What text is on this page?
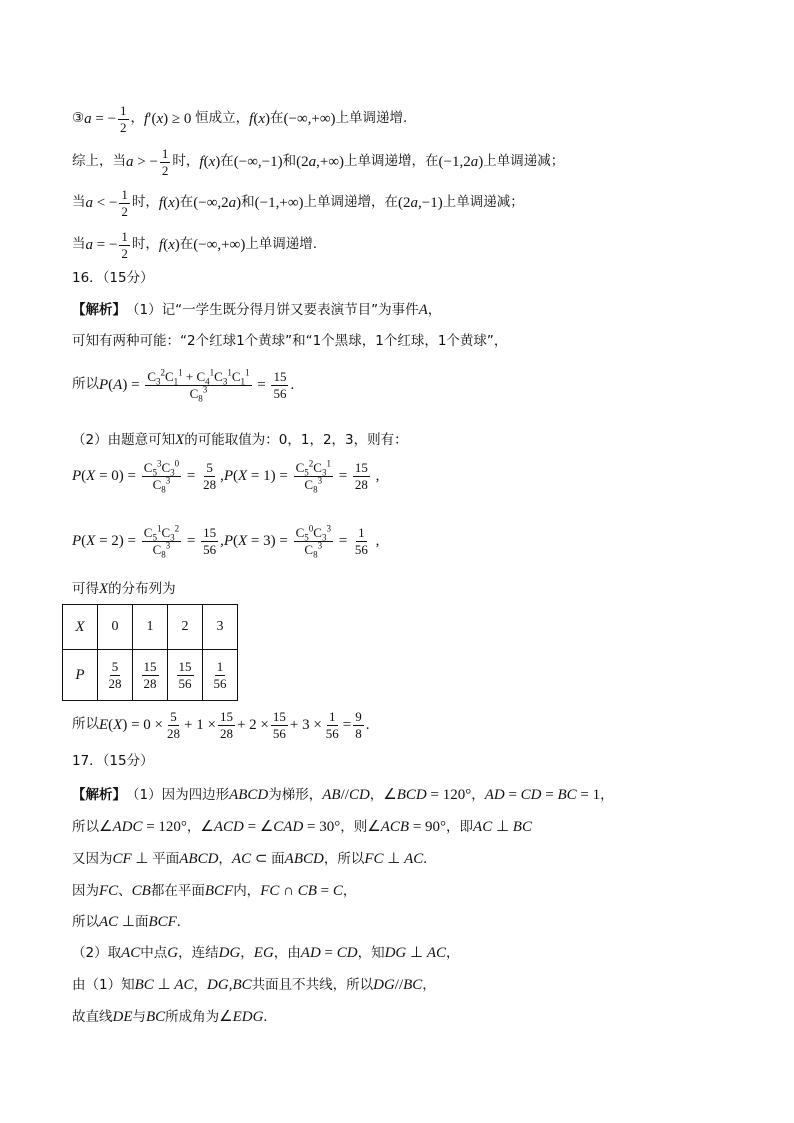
③ a = − $\frac{1}{2}$ ， f ′( x ) ≥ 0 恒成立， f ( x ) 在 (−∞,+∞) 上单调递增.
综上，当 a > − $\frac{1}{2}$ 时， f ( x ) 在 (−∞,−1) 和 (2 a ,+∞) 上单调递增，在 (−1,2 a ) 上单调递减；
当 a < − $\frac{1}{2}$ 时， f ( x ) 在 (−∞,2 a ) 和 (−1,+∞) 上单调递增，在 (2 a ,−1) 上单调递减；
当 a = − $\frac{1}{2}$ 时， f ( x ) 在 (−∞,+∞) 上单调递增.
16．（15分）
【解析】 （1）记“一学生既分得月饼又要表演节目”为事件 A ，
可知有两种可能：“2个红球1个黄球”和“1个黑球，1个红球，1个黄球”，
所以 P ( A ) = $\frac{C_3^2C_1^1 + C_4^1C_3^1C_1^1}{C_8^3} = \frac{15}{56}$ .
（2）由题意可知 X 的可能取值为：0，1，2，3，则有：
P ( $X = 0) = \frac{C_5^3C_3^0}{C_8^3} = \frac{5}{28}$ , P ( $X = 1) = \frac{C_5^2C_3^1}{C_8^3} = \frac{15}{28}$ ,
P ( $X = 2) = \frac{C_5^1C_3^2}{C_8^3} = \frac{15}{56}$ , P ( $X = 3) = \frac{C_5^0C_3^3}{C_8^3} = \frac{1}{56}$ ,
可得 X 的分布列为
X	0	1	2	3
P	$\frac{5}{28}$	$\frac{15}{28}$	$\frac{15}{56}$	$\frac{1}{56}$
所以 E ( X ) = $0 \times \frac{5}{28} + 1 \times \frac{15}{28} + 2 \times \frac{15}{56} + 3 \times \frac{1}{56} = \frac{9}{8}$ .
17．（15分）
【解析】 （1）因为四边形 ABCD 为梯形， AB // CD ， ∠ BCD = 120° ， AD = CD = BC = 1 ，
所以 ∠ ADC = 120° ， ∠ ACD = ∠ CAD = 30° ，则 ∠ ACB = 90° ，即 AC ⊥ BC
又因为 CF ⊥ 平面 ABCD ， AC ⊂ 面 ABCD ，所以 FC ⊥ AC .
因为 FC 、 CB 都在平面 BCF 内， FC ∩ CB = C ，
所以 AC ⊥ 面 BCF .
（2）取 AC 中点 G ，连结 DG ， EG ，由 AD = CD ，知 DG ⊥ AC ，
由（1）知 BC ⊥ AC ， DG , BC 共面且不共线，所以 DG // BC ，
故直线 DE 与 BC 所成角为 ∠ EDG .
